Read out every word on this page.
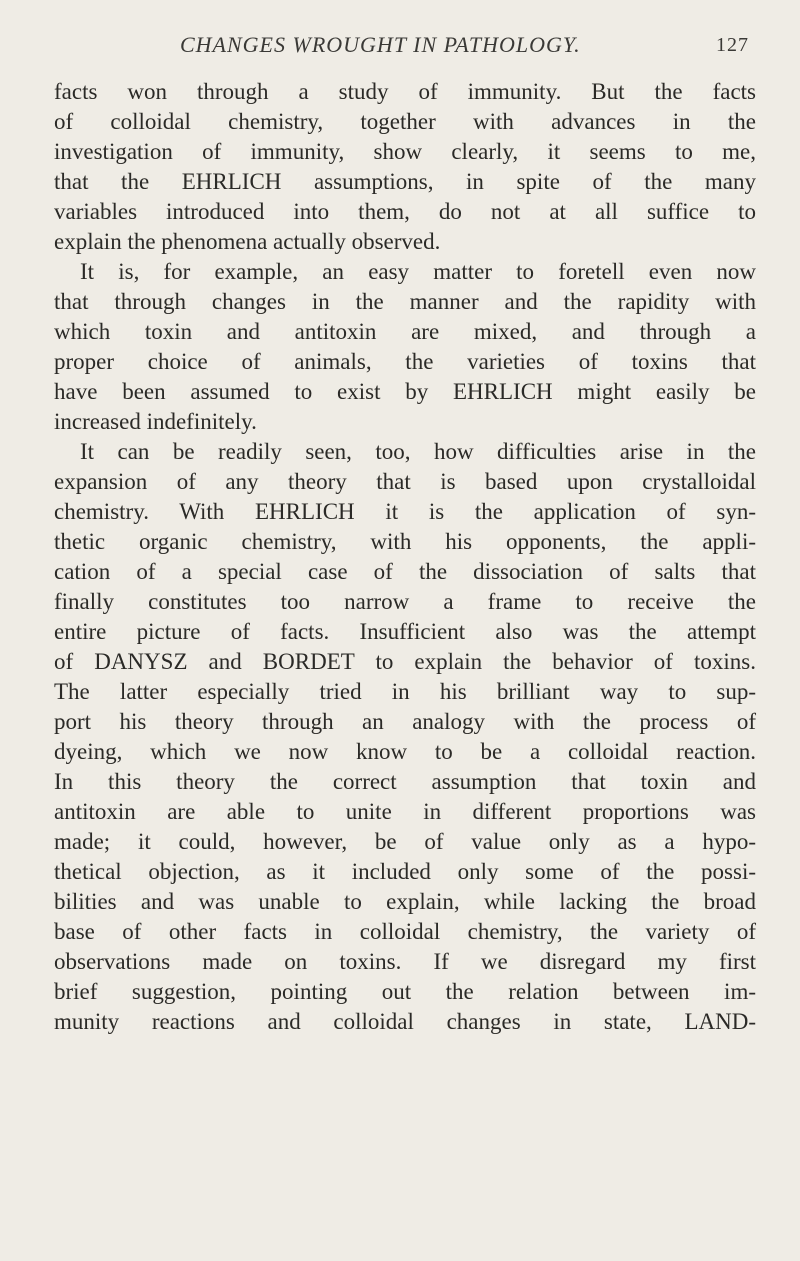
CHANGES WROUGHT IN PATHOLOGY.	127
facts won through a study of immunity. But the facts
of colloidal chemistry, together with advances in the
investigation of immunity, show clearly, it seems to me,
that the EHRLICH assumptions, in spite of the many
variables introduced into them, do not at all suffice to
explain the phenomena actually observed.
It is, for example, an easy matter to foretell even now
that through changes in the manner and the rapidity with
which toxin and antitoxin are mixed, and through a
proper choice of animals, the varieties of toxins that
have been assumed to exist by EHRLICH might easily be
increased indefinitely.
It can be readily seen, too, how difficulties arise in the
expansion of any theory that is based upon crystalloidal
chemistry. With EHRLICH it is the application of syn-
thetic organic chemistry, with his opponents, the appli-
cation of a special case of the dissociation of salts that
finally constitutes too narrow a frame to receive the
entire picture of facts. Insufficient also was the attempt
of DANYSZ and BORDET to explain the behavior of toxins.
The latter especially tried in his brilliant way to sup-
port his theory through an analogy with the process of
dyeing, which we now know to be a colloidal reaction.
In this theory the correct assumption that toxin and
antitoxin are able to unite in different proportions was
made; it could, however, be of value only as a hypo-
thetical objection, as it included only some of the possi-
bilities and was unable to explain, while lacking the broad
base of other facts in colloidal chemistry, the variety of
observations made on toxins. If we disregard my first
brief suggestion, pointing out the relation between im-
munity reactions and colloidal changes in state, LAND-
